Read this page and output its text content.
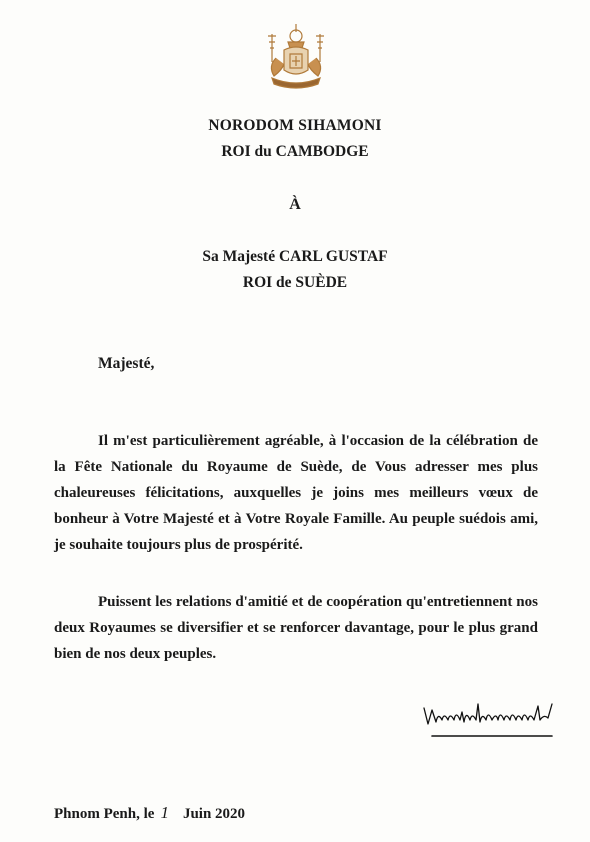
NORODOM SIHAMONI
ROI du CAMBODGE
À
Sa Majesté CARL GUSTAF
ROI de SUÈDE
Majesté,

Il m'est particulièrement agréable, à l'occasion de la célébration de la Fête Nationale du Royaume de Suède, de Vous adresser mes plus chaleureuses félicitations, auxquelles je joins mes meilleurs vœux de bonheur à Votre Majesté et à Votre Royale Famille. Au peuple suédois ami, je souhaite toujours plus de prospérité.

Puissent les relations d'amitié et de coopération qu'entretiennent nos deux Royaumes se diversifier et se renforcer davantage, pour le plus grand bien de nos deux peuples.

Phnom Penh, le 1 Juin 2020
